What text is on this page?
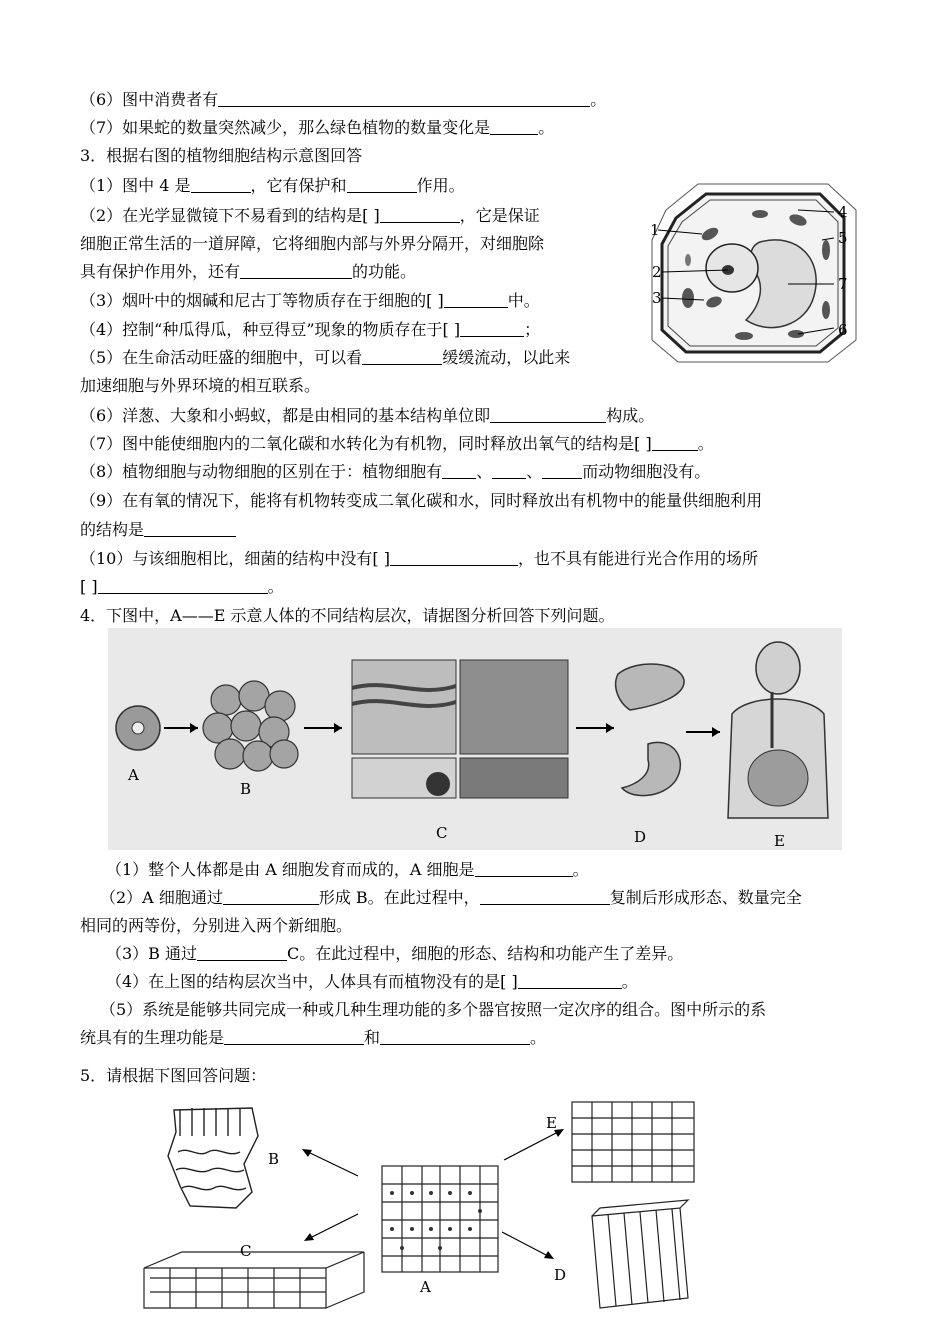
（6）图中消费者有	。
（7）如果蛇的数量突然减少，那么绿色植物的数量变化是	。
3．根据右图的植物细胞结构示意图回答
（1）图中 4 是	，它有保护和	作用。
（2）在光学显微镜下不易看到的结构是[ ]	，它是保证
细胞正常生活的一道屏障，它将细胞内部与外界分隔开，对细胞除
具有保护作用外，还有	的功能。
（3）烟叶中的烟碱和尼古丁等物质存在于细胞的[ ]	中。
（4）控制“种瓜得瓜，种豆得豆”现象的物质存在于[ ]	；
（5）在生命活动旺盛的细胞中，可以看	缓缓流动，以此来
加速细胞与外界环境的相互联系。
（6）洋葱、大象和小蚂蚁，都是由相同的基本结构单位即	构成。
（7）图中能使细胞内的二氧化碳和水转化为有机物，同时释放出氧气的结构是[ ]	。
（8）植物细胞与动物细胞的区别在于：植物细胞有 、 、	而动物细胞没有。
（9）在有氧的情况下，能将有机物转变成二氧化碳和水，同时释放出有机物中的能量供细胞利用
的结构是
（10）与该细胞相比，细菌的结构中没有[ ]	，也不具有能进行光合作用的场所
[ ]	。
1
2
3
4
5
7
6
4．下图中，A——E 示意人体的不同结构层次，请据图分析回答下列问题。
A
B
C	D	E
（1）整个人体都是由 A 细胞发育而成的，A 细胞是	。
（2）A 细胞通过	形成 B。在此过程中，	复制后形成形态、数量完全
相同的两等份，分别进入两个新细胞。
（3）B 通过	C。在此过程中，细胞的形态、结构和功能产生了差异。
（4）在上图的结构层次当中，人体具有而植物没有的是[ ]	。
（5）系统是能够共同完成一种或几种生理功能的多个器官按照一定次序的组合。图中所示的系
统具有的生理功能是	和	。
5．请根据下图回答问题：
B
A
E
C
D
